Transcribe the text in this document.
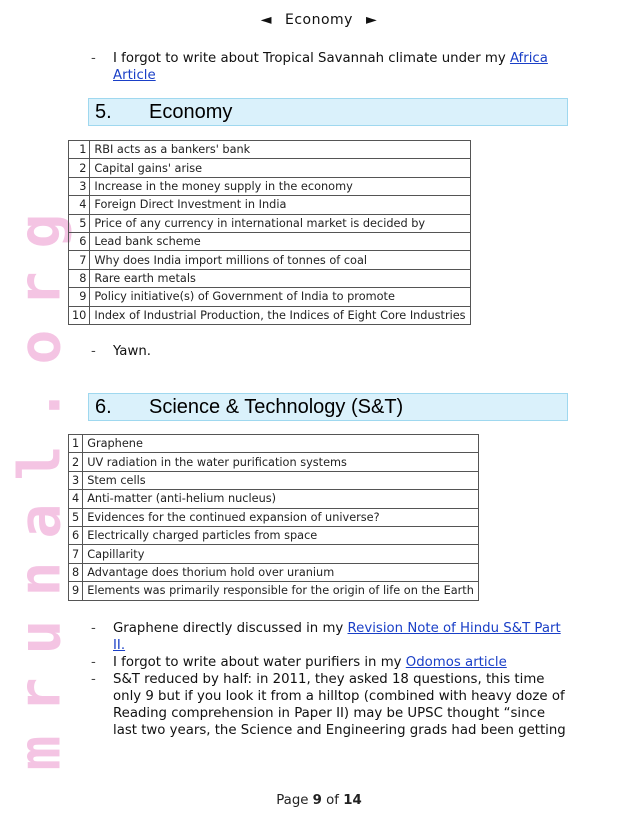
◄ Economy ►
g
r
o
.
l
a
n
u
r
m
-	I forgot to write about Tropical Savannah climate under my Africa
Article
5. Economy
1	RBI acts as a bankers' bank
2	Capital gains' arise
3	Increase in the money supply in the economy
4	Foreign Direct Investment in India
5	Price of any currency in international market is decided by
6	Lead bank scheme
7	Why does India import millions of tonnes of coal
8	Rare earth metals
9	Policy initiative(s) of Government of India to promote
10	Index of Industrial Production, the Indices of Eight Core Industries
-	Yawn.
6. Science & Technology (S&T)
1	Graphene
2	UV radiation in the water purification systems
3	Stem cells
4	Anti-matter (anti-helium nucleus)
5	Evidences for the continued expansion of universe?
6	Electrically charged particles from space
7	Capillarity
8	Advantage does thorium hold over uranium
9	Elements was primarily responsible for the origin of life on the Earth
-	Graphene directly discussed in my Revision Note of Hindu S&T Part
II.
-	I forgot to write about water purifiers in my Odomos article
-	S&T reduced by half: in 2011, they asked 18 questions, this time
only 9 but if you look it from a hilltop (combined with heavy doze of
Reading comprehension in Paper II) may be UPSC thought “since
last two years, the Science and Engineering grads had been getting
Page 9 of 14
